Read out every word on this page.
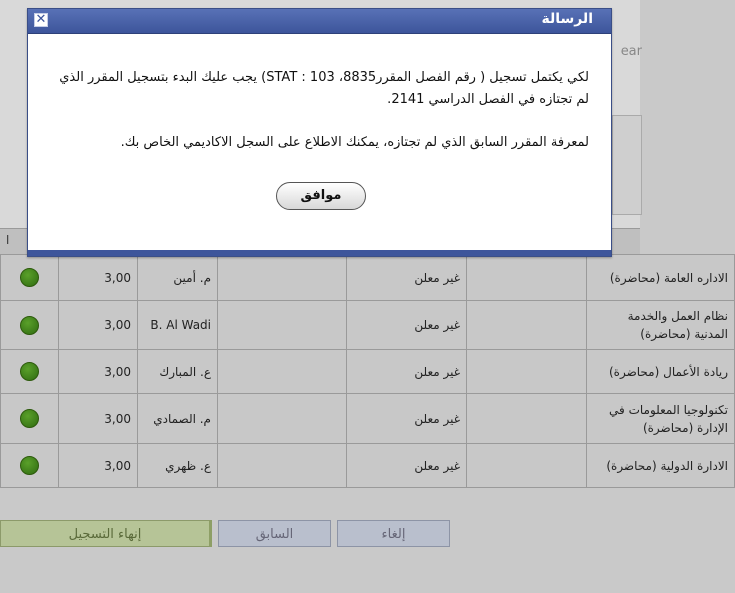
ear
ا
	3,00	م. أمين		غير معلن		الاداره العامة (محاضرة)
	3,00	B. Al Wadi		غير معلن		نظام العمل والخدمة المدنية (محاضرة)
	3,00	ع. المبارك		غير معلن		ريادة الأعمال (محاضرة)
	3,00	م. الصمادي		غير معلن		تكنولوجيا المعلومات في الإدارة (محاضرة)
	3,00	ع. ظهري		غير معلن		الادارة الدولية (محاضرة)
إنهاء التسجيل	السابق	إلغاء
الرسالة
✕
لكي يكتمل تسجيل ( رقم الفصل المقرر8835، 103 : STAT) يجب عليك البدء بتسجيل المقرر الذي لم تجتازه في الفصل الدراسي 2141.
لمعرفة المقرر السابق الذي لم تجتازه، يمكنك الاطلاع على السجل الاكاديمي الخاص بك.
موافق
